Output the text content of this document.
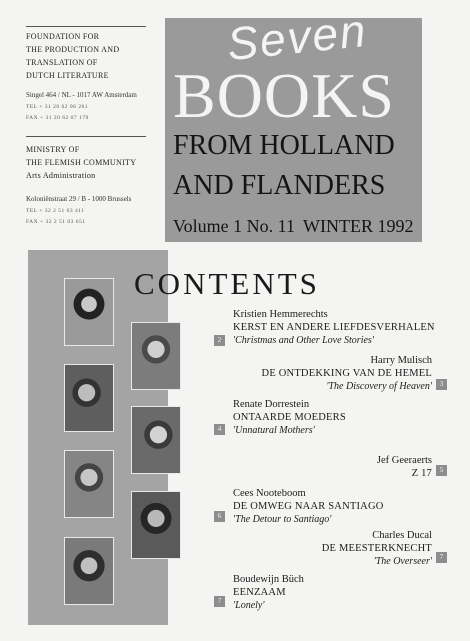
FOUNDATION FOR
THE PRODUCTION AND
TRANSLATION OF
DUTCH LITERATURE
Singel 464 / NL - 1017 AW Amsterdam
TEL + 31 20 62 06 261
FAX + 31 20 62 07 179
MINISTRY OF
THE FLEMISH COMMUNITY
Arts Administration
Koloniënstraat 29 / B - 1000 Brussels
TEL + 32 2 51 03 411
FAX + 32 2 51 03 651
Seven
BOOKS
FROM HOLLAND
AND FLANDERS
Volume 1 No. 11 WINTER 1992
CONTENTS
Kristien Hemmerechts
KERST EN ANDERE LIEFDESVERHALEN
'Christmas and Other Love Stories'
2
Harry Mulisch
DE ONTDEKKING VAN DE HEMEL
'The Discovery of Heaven'	3
Renate Dorrestein
ONTAARDE MOEDERS
'Unnatural Mothers'
4
Jef Geeraerts
Z 17	5
Cees Nooteboom
DE OMWEG NAAR SANTIAGO
'The Detour to Santiago'
6
Charles Ducal
DE MEESTERKNECHT
'The Overseer'	7
Boudewijn Büch
EENZAAM
'Lonely'
7
